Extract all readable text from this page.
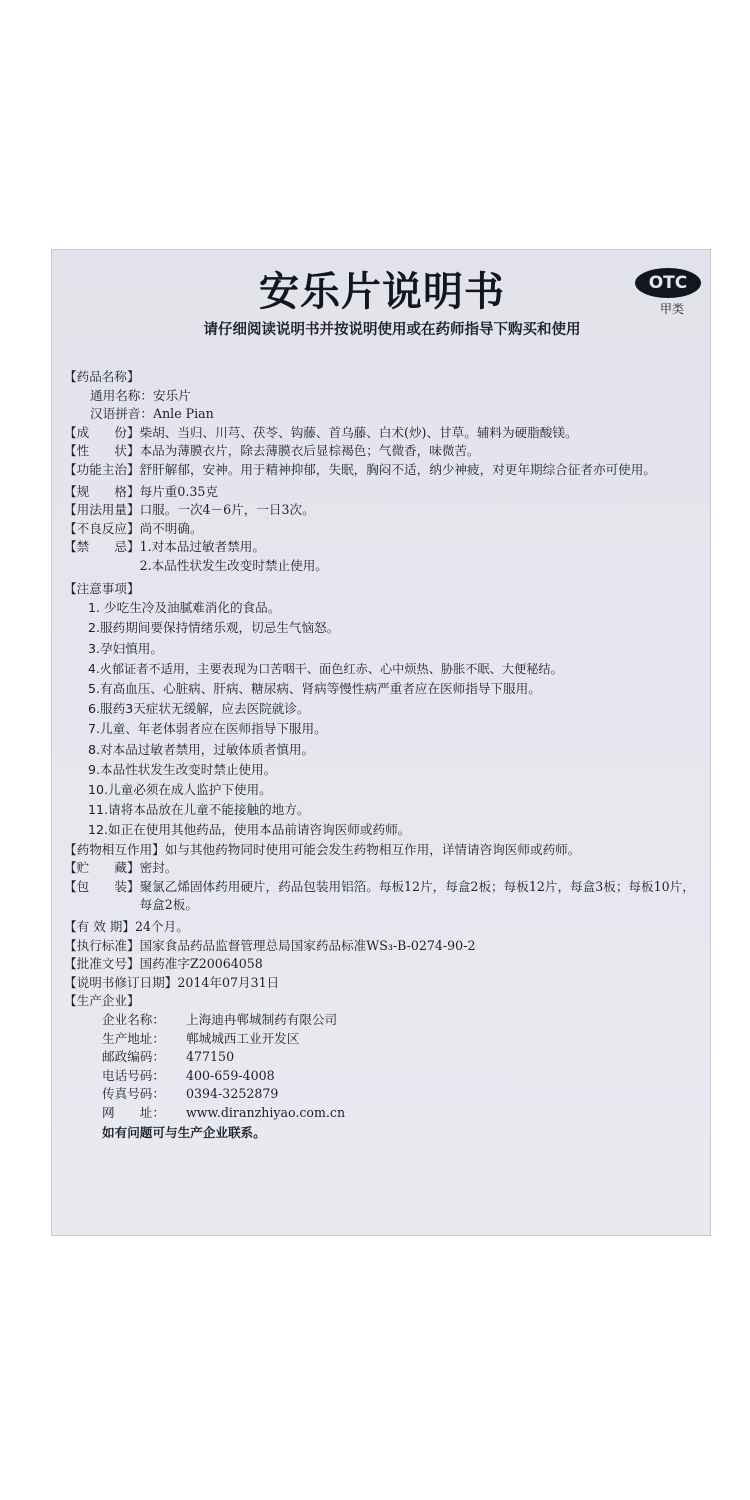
安乐片说明书	OTC
甲类
请仔细阅读说明书并按说明使用或在药师指导下购买和使用
【药品名称】
通用名称： 安乐片
汉语拼音： Anle Pian
【成　　份】 柴胡、当归、川芎、茯苓、钩藤、首乌藤、白术(炒)、甘草。辅料为硬脂酸镁。
【性　　状】 本品为薄膜衣片，除去薄膜衣后显棕褐色；气微香，味微苦。
【功能主治】 舒肝解郁，安神。用于精神抑郁，失眠，胸闷不适，纳少神疲，对更年期综合征者亦可使用。
【规　　格】 每片重0.35克
【用法用量】 口服。一次4－6片，一日3次。
【不良反应】 尚不明确。
【禁　　忌】 1.对本品过敏者禁用。
2.本品性状发生改变时禁止使用。
【注意事项】
1. 少吃生冷及油腻难消化的食品。
2.服药期间要保持情绪乐观，切忌生气恼怒。
3.孕妇慎用。
4.火郁证者不适用，主要表现为口苦咽干、面色红赤、心中烦热、胁胀不眠、大便秘结。
5.有高血压、心脏病、肝病、糖尿病、肾病等慢性病严重者应在医师指导下服用。
6.服药3天症状无缓解，应去医院就诊。
7.儿童、年老体弱者应在医师指导下服用。
8.对本品过敏者禁用，过敏体质者慎用。
9.本品性状发生改变时禁止使用。
10.儿童必须在成人监护下使用。
11.请将本品放在儿童不能接触的地方。
12.如正在使用其他药品，使用本品前请咨询医师或药师。
【药物相互作用】 如与其他药物同时使用可能会发生药物相互作用，详情请咨询医师或药师。
【贮　　藏】 密封。
【包　　装】 聚氯乙烯固体药用硬片，药品包装用铝箔。每板12片，每盒2板；每板12片，每盒3板；每板10片，每盒2板。
【有 效 期】 24个月。
【执行标准】 国家食品药品监督管理总局国家药品标准WS₃-B-0274-90-2
【批准文号】 国药准字Z20064058
【说明书修订日期】 2014年07月31日
【生产企业】
企业名称： 上海迪冉郸城制药有限公司
生产地址： 郸城城西工业开发区
邮政编码： 477150
电话号码： 400-659-4008
传真号码： 0394-3252879
网　　址： www.diranzhiyao.com.cn
如有问题可与生产企业联系。
